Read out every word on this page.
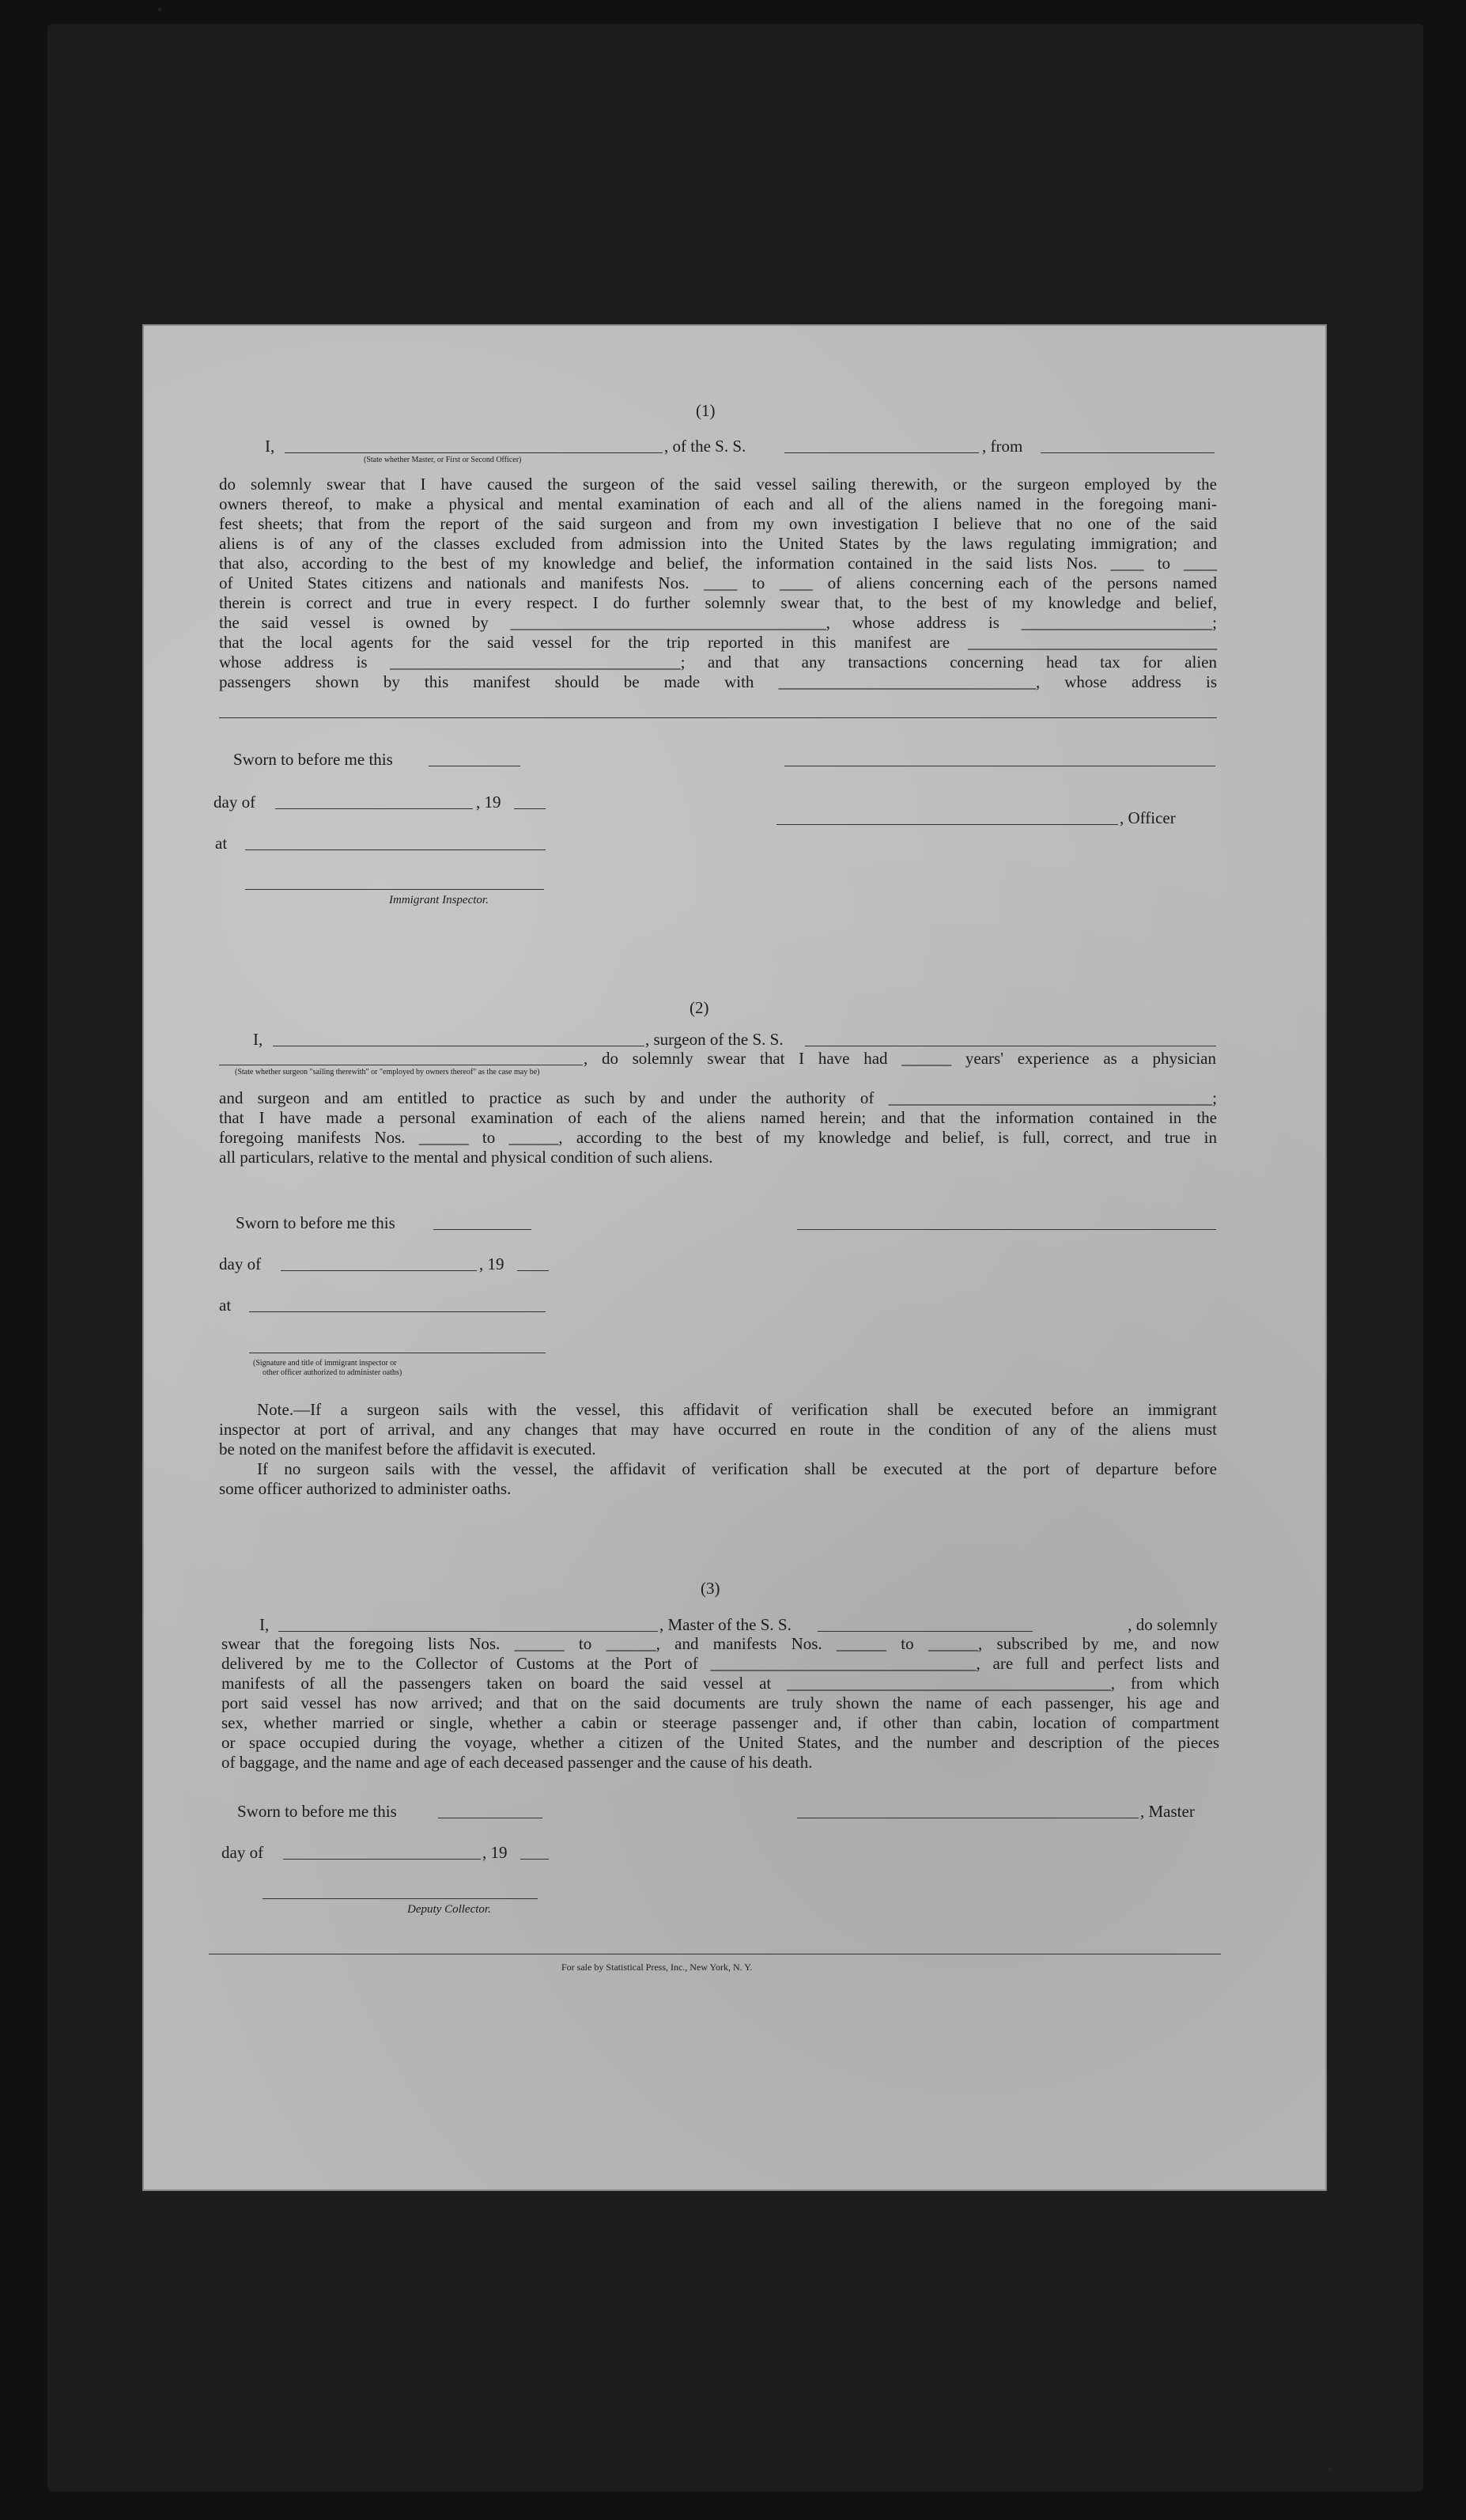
(1)
I,	, of the S. S.	, from
(State whether Master, or First or Second Officer)
do solemnly swear that I have caused the surgeon of the said vessel sailing therewith, or the surgeon employed by the
owners thereof, to make a physical and mental examination of each and all of the aliens named in the foregoing mani-
fest sheets; that from the report of the said surgeon and from my own investigation I believe that no one of the said
aliens is of any of the classes excluded from admission into the United States by the laws regulating immigration; and
that also, according to the best of my knowledge and belief, the information contained in the said lists Nos. ____ to ____
of United States citizens and nationals and manifests Nos. ____ to ____ of aliens concerning each of the persons named
therein is correct and true in every respect. I do further solemnly swear that, to the best of my knowledge and belief,
the said vessel is owned by ______________________________________, whose address is _______________________;
that the local agents for the said vessel for the trip reported in this manifest are ______________________________
whose address is ___________________________________; and that any transactions concerning head tax for alien
passengers shown by this manifest should be made with _______________________________, whose address is
Sworn to before me this
day of	, 19
, Officer
at
Immigrant Inspector.
(2)
I,	, surgeon of the S. S.
(State whether surgeon "sailing therewith" or "employed by owners thereof" as the case may be)
, do solemnly swear that I have had ______ years' experience as a physician
and surgeon and am entitled to practice as such by and under the authority of _______________________________________;
that I have made a personal examination of each of the aliens named herein; and that the information contained in the
foregoing manifests Nos. ______ to ______, according to the best of my knowledge and belief, is full, correct, and true in
all particulars, relative to the mental and physical condition of such aliens.
Sworn to before me this
day of	, 19
at
(Signature and title of immigrant inspector or
other officer authorized to administer oaths)
Note.—If a surgeon sails with the vessel, this affidavit of verification shall be executed before an immigrant
inspector at port of arrival, and any changes that may have occurred en route in the condition of any of the aliens must
be noted on the manifest before the affidavit is executed.
If no surgeon sails with the vessel, the affidavit of verification shall be executed at the port of departure before
some officer authorized to administer oaths.
(3)
I,	, Master of the S. S.	, do solemnly
swear that the foregoing lists Nos. ______ to ______, and manifests Nos. ______ to ______, subscribed by me, and now
delivered by me to the Collector of Customs at the Port of ________________________________, are full and perfect lists and
manifests of all the passengers taken on board the said vessel at _______________________________________, from which
port said vessel has now arrived; and that on the said documents are truly shown the name of each passenger, his age and
sex, whether married or single, whether a cabin or steerage passenger and, if other than cabin, location of compartment
or space occupied during the voyage, whether a citizen of the United States, and the number and description of the pieces
of baggage, and the name and age of each deceased passenger and the cause of his death.
Sworn to before me this	, Master
day of	, 19
Deputy Collector.
For sale by Statistical Press, Inc., New York, N. Y.
